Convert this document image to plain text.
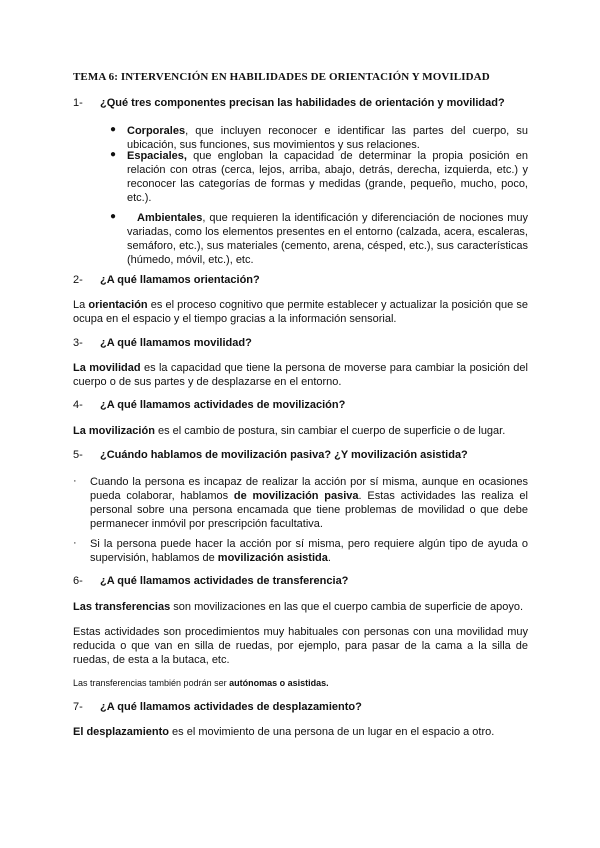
TEMA 6: INTERVENCIÓN EN HABILIDADES DE ORIENTACIÓN Y MOVILIDAD
1- ¿Qué tres componentes precisan las habilidades de orientación y movilidad?
● Corporales, que incluyen reconocer e identificar las partes del cuerpo, su ubicación, sus funciones, sus movimientos y sus relaciones.
● Espaciales, que engloban la capacidad de determinar la propia posición en relación con otras (cerca, lejos, arriba, abajo, detrás, derecha, izquierda, etc.) y reconocer las categorías de formas y medidas (grande, pequeño, mucho, poco, etc.).
●	Ambientales, que requieren la identificación y diferenciación de nociones muy variadas, como los elementos presentes en el entorno (calzada, acera, escaleras, semáforo, etc.), sus materiales (cemento, arena, césped, etc.), sus características (húmedo, móvil, etc.), etc.
2- ¿A qué llamamos orientación?
La orientación es el proceso cognitivo que permite establecer y actualizar la posición que se ocupa en el espacio y el tiempo gracias a la información sensorial.
3- ¿A qué llamamos movilidad?
La movilidad es la capacidad que tiene la persona de moverse para cambiar la posición del cuerpo o de sus partes y de desplazarse en el entorno.
4- ¿A qué llamamos actividades de movilización?
La movilización es el cambio de postura, sin cambiar el cuerpo de superficie o de lugar.
5- ¿Cuándo hablamos de movilización pasiva? ¿Y movilización asistida?
· Cuando la persona es incapaz de realizar la acción por sí misma, aunque en ocasiones pueda colaborar, hablamos de movilización pasiva. Estas actividades las realiza el personal sobre una persona encamada que tiene problemas de movilidad o que debe permanecer inmóvil por prescripción facultativa.
· Si la persona puede hacer la acción por sí misma, pero requiere algún tipo de ayuda o supervisión, hablamos de movilización asistida.
6- ¿A qué llamamos actividades de transferencia?
Las transferencias son movilizaciones en las que el cuerpo cambia de superficie de apoyo.
Estas actividades son procedimientos muy habituales con personas con una movilidad muy reducida o que van en silla de ruedas, por ejemplo, para pasar de la cama a la silla de ruedas, de esta a la butaca, etc.
Las transferencias también podrán ser autónomas o asistidas.
7- ¿A qué llamamos actividades de desplazamiento?
El desplazamiento es el movimiento de una persona de un lugar en el espacio a otro.
